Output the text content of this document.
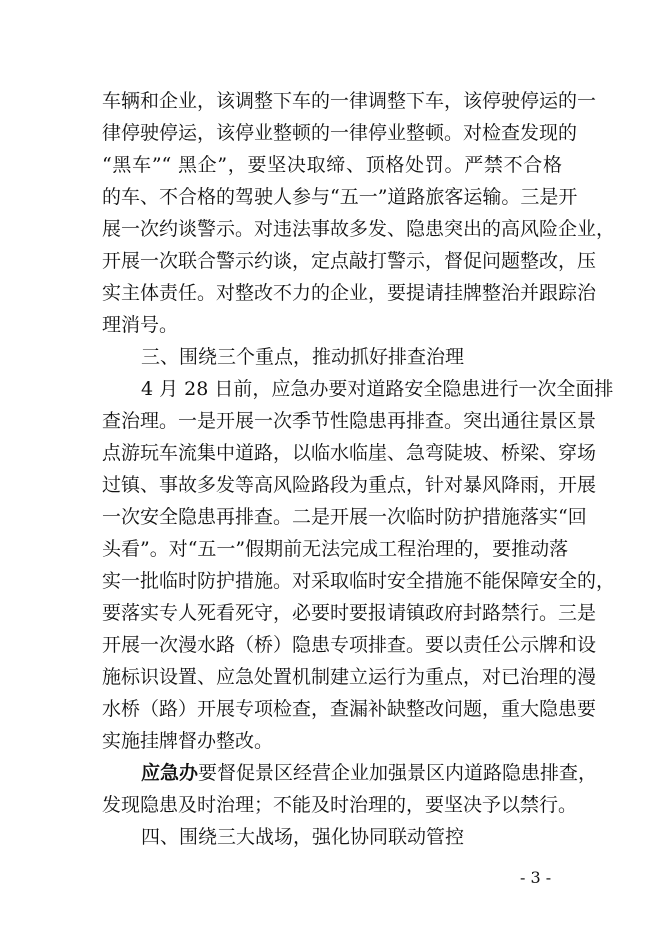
车辆和企业，该调整下车的一律调整下车，该停驶停运的一
律停驶停运，该停业整顿的一律停业整顿。对检查发现的
“黑车”“ 黑企”，要坚决取缔、顶格处罚。严禁不合格
的车、不合格的驾驶人参与“五一”道路旅客运输。三是开
展一次约谈警示。对违法事故多发、隐患突出的高风险企业，
开展一次联合警示约谈，定点敲打警示，督促问题整改，压
实主体责任。对整改不力的企业，要提请挂牌整治并跟踪治
理消号。
三、围绕三个重点，推动抓好排查治理
4 月 28 日前，应急办要对道路安全隐患进行一次全面排
查治理。一是开展一次季节性隐患再排查。突出通往景区景
点游玩车流集中道路，以临水临崖、急弯陡坡、桥梁、穿场
过镇、事故多发等高风险路段为重点，针对暴风降雨，开展
一次安全隐患再排查。二是开展一次临时防护措施落实“回
头看”。对“五一”假期前无法完成工程治理的，要推动落
实一批临时防护措施。对采取临时安全措施不能保障安全的，
要落实专人死看死守，必要时要报请镇政府封路禁行。三是
开展一次漫水路（桥）隐患专项排查。要以责任公示牌和设
施标识设置、应急处置机制建立运行为重点，对已治理的漫
水桥（路）开展专项检查，查漏补缺整改问题，重大隐患要
实施挂牌督办整改。
应急办要督促景区经营企业加强景区内道路隐患排查，
发现隐患及时治理；不能及时治理的，要坚决予以禁行。
四、围绕三大战场，强化协同联动管控
- 3 -
